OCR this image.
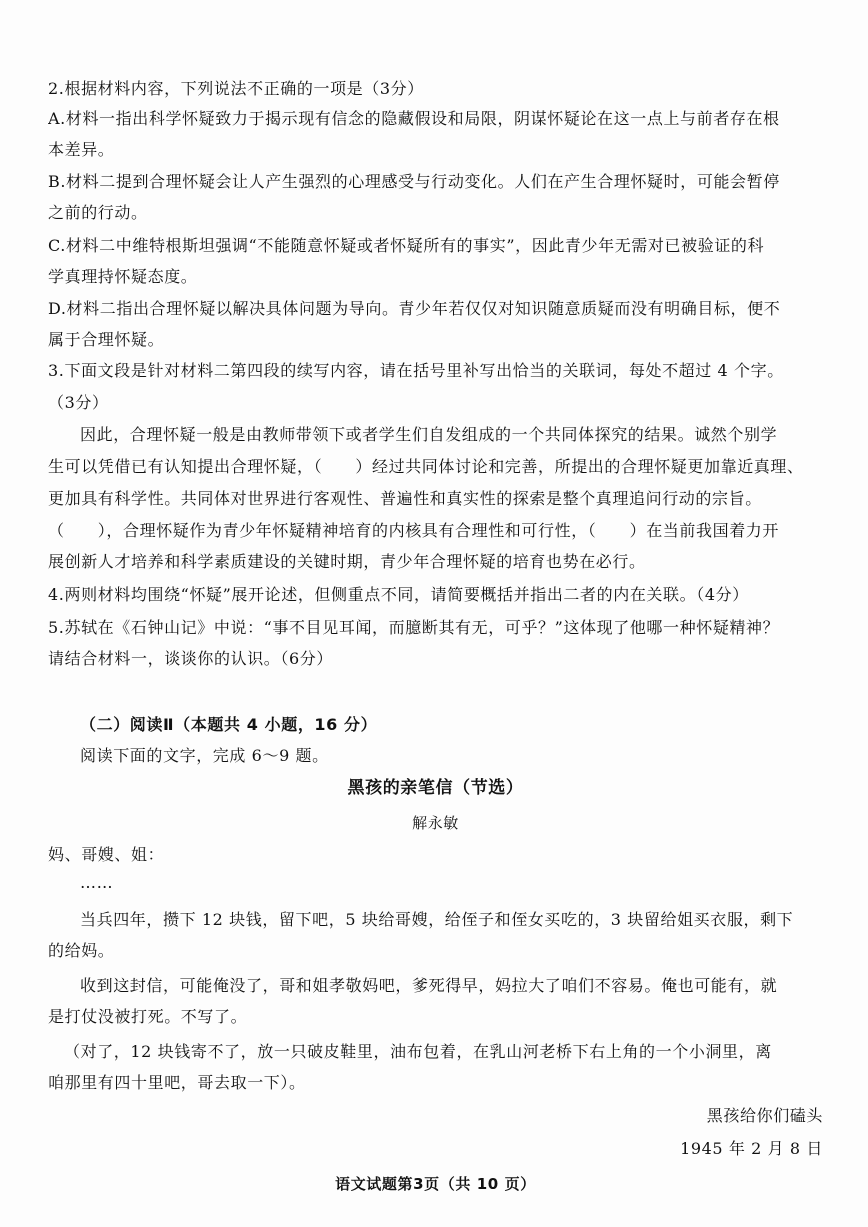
2.根据材料内容，下列说法不正确的一项是（3分）
A.材料一指出科学怀疑致力于揭示现有信念的隐藏假设和局限，阴谋怀疑论在这一点上与前者存在根
本差异。
B.材料二提到合理怀疑会让人产生强烈的心理感受与行动变化。人们在产生合理怀疑时，可能会暂停
之前的行动。
C.材料二中维特根斯坦强调“不能随意怀疑或者怀疑所有的事实”，因此青少年无需对已被验证的科
学真理持怀疑态度。
D.材料二指出合理怀疑以解决具体问题为导向。青少年若仅仅对知识随意质疑而没有明确目标，便不
属于合理怀疑。
3.下面文段是针对材料二第四段的续写内容，请在括号里补写出恰当的关联词，每处不超过 4 个字。
（3分）
因此，合理怀疑一般是由教师带领下或者学生们自发组成的一个共同体探究的结果。诚然个别学
生可以凭借已有认知提出合理怀疑，（　　）经过共同体讨论和完善，所提出的合理怀疑更加靠近真理、
更加具有科学性。共同体对世界进行客观性、普遍性和真实性的探索是整个真理追问行动的宗旨。
（　　），合理怀疑作为青少年怀疑精神培育的内核具有合理性和可行性，（　　）在当前我国着力开
展创新人才培养和科学素质建设的关键时期，青少年合理怀疑的培育也势在必行。
4.两则材料均围绕“怀疑”展开论述，但侧重点不同，请简要概括并指出二者的内在关联。（4分）
5.苏轼在《石钟山记》中说：“事不目见耳闻，而臆断其有无，可乎？”这体现了他哪一种怀疑精神？
请结合材料一，谈谈你的认识。（6分）
（二）阅读Ⅱ（本题共 4 小题，16 分）
阅读下面的文字，完成 6～9 题。
黑孩的亲笔信（节选）
解永敏
妈、哥嫂、姐：
……
当兵四年，攒下 12 块钱，留下吧，5 块给哥嫂，给侄子和侄女买吃的，3 块留给姐买衣服，剩下
的给妈。
收到这封信，可能俺没了，哥和姐孝敬妈吧，爹死得早，妈拉大了咱们不容易。俺也可能有，就
是打仗没被打死。不写了。
（对了，12 块钱寄不了，放一只破皮鞋里，油布包着，在乳山河老桥下右上角的一个小洞里，离
咱那里有四十里吧，哥去取一下）。
黑孩给你们磕头
1945 年 2 月 8 日
语文试题第3页（共 10 页）
